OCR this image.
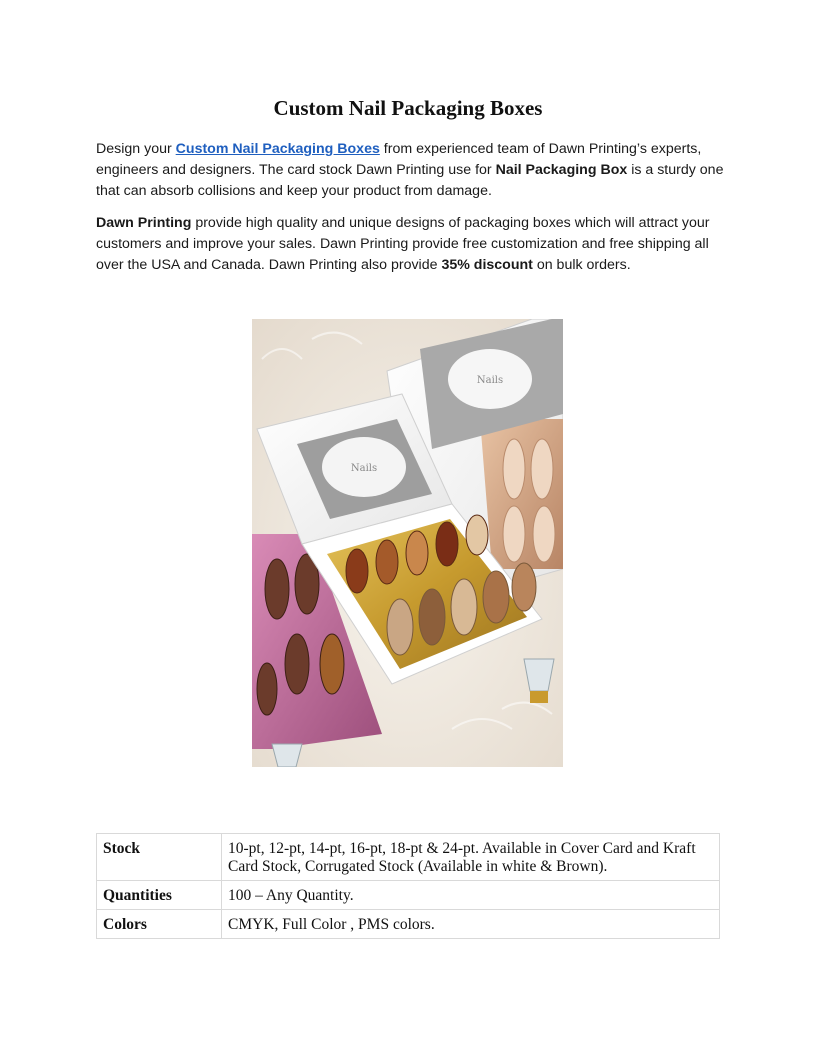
Custom Nail Packaging Boxes

Design your Custom Nail Packaging Boxes from experienced team of Dawn Printing’s experts, engineers and designers. The card stock Dawn Printing use for Nail Packaging Box is a sturdy one that can absorb collisions and keep your product from damage.

Dawn Printing provide high quality and unique designs of packaging boxes which will attract your customers and improve your sales. Dawn Printing provide free customization and free shipping all over the USA and Canada. Dawn Printing also provide 35% discount on bulk orders.

Nails
Nails
Stock	10-pt, 12-pt, 14-pt, 16-pt, 18-pt & 24-pt. Available in Cover Card and Kraft Card Stock, Corrugated Stock (Available in white & Brown).
Quantities	100 – Any Quantity.
Colors	CMYK, Full Color , PMS colors.
